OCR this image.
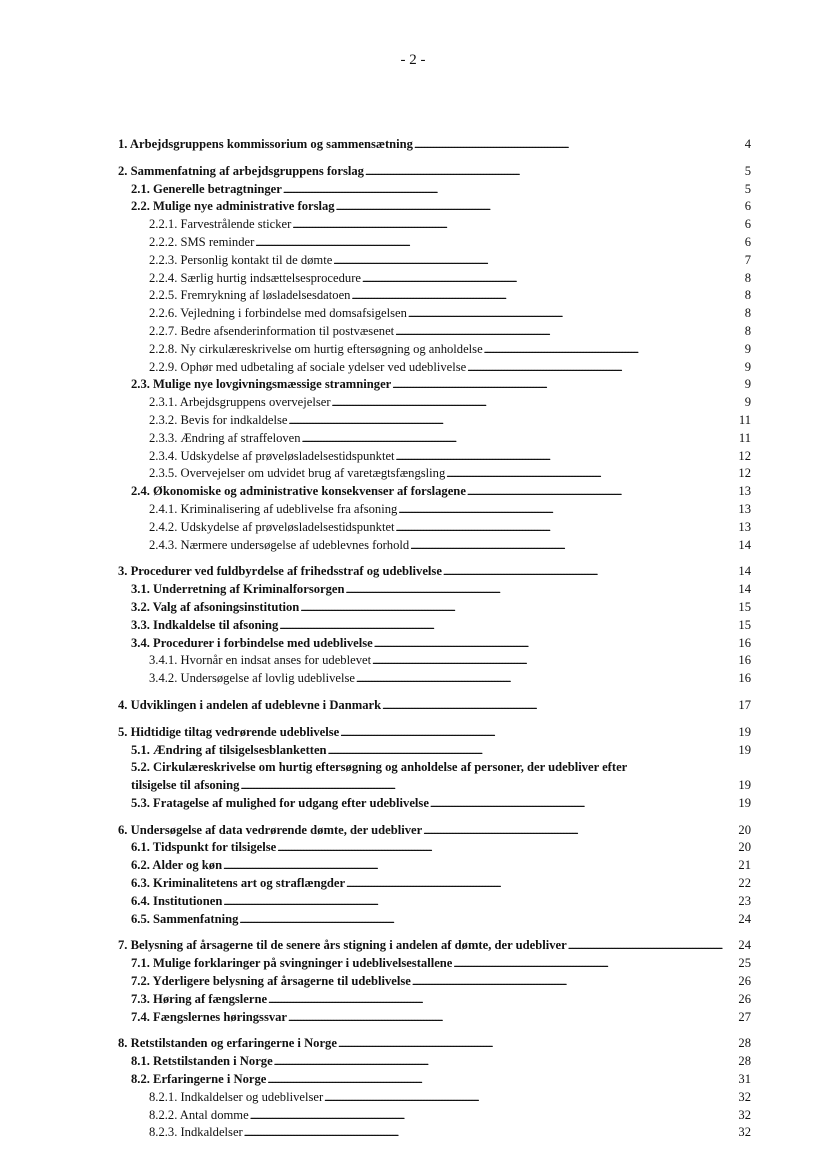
- 2 -
1. Arbejdsgruppens kommissorium og sammensætning . . .	4
2. Sammenfatning af arbejdsgruppens forslag . . .	5
2.1. Generelle betragtninger . . .	5
2.2. Mulige nye administrative forslag . . .	6
2.2.1. Farvestrålende sticker . . .	6
2.2.2. SMS reminder . . .	6
2.2.3. Personlig kontakt til de dømte . . .	7
2.2.4. Særlig hurtig indsættelsesprocedure . . .	8
2.2.5. Fremrykning af løsladelsesdatoen . . .	8
2.2.6. Vejledning i forbindelse med domsafsigelsen . . .	8
2.2.7. Bedre afsenderinformation til postvæsenet . . .	8
2.2.8. Ny cirkulæreskrivelse om hurtig eftersøgning og anholdelse . . .	9
2.2.9. Ophør med udbetaling af sociale ydelser ved udeblivelse . . .	9
2.3. Mulige nye lovgivningsmæssige stramninger . . .	9
2.3.1. Arbejdsgruppens overvejelser . . .	9
2.3.2. Bevis for indkaldelse . . .	11
2.3.3. Ændring af straffeloven . . .	11
2.3.4. Udskydelse af prøveløsladelsestidspunktet . . .	12
2.3.5. Overvejelser om udvidet brug af varetægtsfængsling . . .	12
2.4. Økonomiske og administrative konsekvenser af forslagene . . .	13
2.4.1. Kriminalisering af udeblivelse fra afsoning . . .	13
2.4.2. Udskydelse af prøveløsladelsestidspunktet . . .	13
2.4.3. Nærmere undersøgelse af udeblevnes forhold . . .	14
3. Procedurer ved fuldbyrdelse af frihedsstraf og udeblivelse . . .	14
3.1. Underretning af Kriminalforsorgen . . .	14
3.2. Valg af afsoningsinstitution . . .	15
3.3. Indkaldelse til afsoning . . .	15
3.4. Procedurer i forbindelse med udeblivelse . . .	16
3.4.1. Hvornår en indsat anses for udeblevet . . .	16
3.4.2. Undersøgelse af lovlig udeblivelse . . .	16
4. Udviklingen i andelen af udeblevne i Danmark . . .	17
5. Hidtidige tiltag vedrørende udeblivelse . . .	19
5.1. Ændring af tilsigelsesblanketten . . .	19
5.2. Cirkulæreskrivelse om hurtig eftersøgning og anholdelse af personer, der udebliver efter
tilsigelse til afsoning . . .	19
5.3. Fratagelse af mulighed for udgang efter udeblivelse . . .	19
6. Undersøgelse af data vedrørende dømte, der udebliver . . .	20
6.1. Tidspunkt for tilsigelse . . .	20
6.2. Alder og køn . . .	21
6.3. Kriminalitetens art og straflængder . . .	22
6.4. Institutionen . . .	23
6.5. Sammenfatning . . .	24
7. Belysning af årsagerne til de senere års stigning i andelen af dømte, der udebliver . . .	24
7.1. Mulige forklaringer på svingninger i udeblivelsestallene . . .	25
7.2. Yderligere belysning af årsagerne til udeblivelse . . .	26
7.3. Høring af fængslerne . . .	26
7.4. Fængslernes høringssvar . . .	27
8. Retstilstanden og erfaringerne i Norge . . .	28
8.1. Retstilstanden i Norge . . .	28
8.2. Erfaringerne i Norge . . .	31
8.2.1. Indkaldelser og udeblivelser . . .	32
8.2.2. Antal domme . . .	32
8.2.3. Indkaldelser . . .	32
